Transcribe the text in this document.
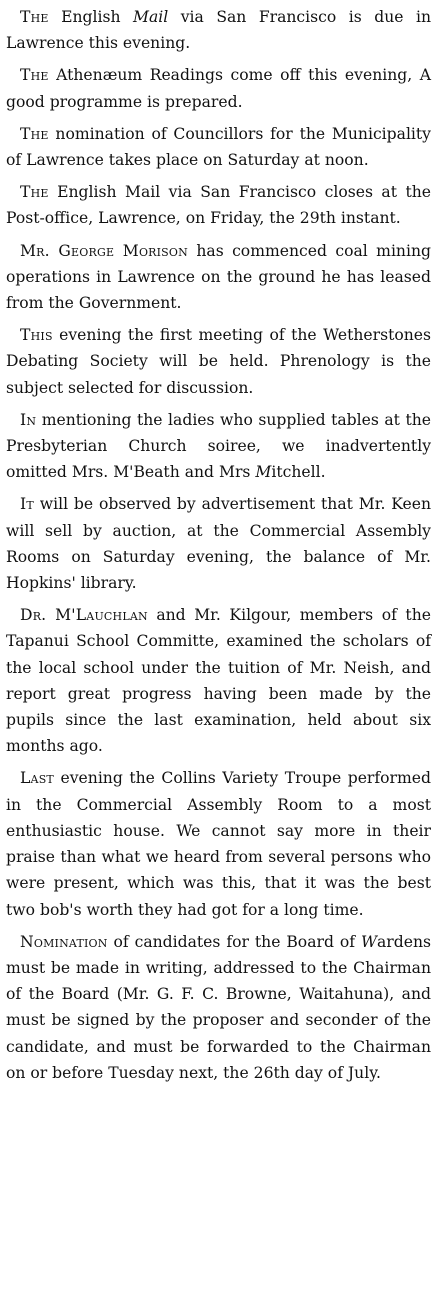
The English Mail via San Francisco is due in Lawrence this evening.

The Athenæum Readings come off this evening, A good programme is prepared.

The nomination of Councillors for the Municipality of Lawrence takes place on Saturday at noon.

The English Mail via San Francisco closes at the Post-office, Lawrence, on Friday, the 29th instant.

Mr. George Morison has commenced coal mining operations in Lawrence on the ground he has leased from the Government.

This evening the first meeting of the Wetherstones Debating Society will be held. Phrenology is the subject selected for discussion.

In mentioning the ladies who supplied tables at the Presbyterian Church soiree, we inadvertently omitted Mrs. M'Beath and Mrs Mitchell.

It will be observed by advertisement that Mr. Keen will sell by auction, at the Commercial Assembly Rooms on Saturday evening, the balance of Mr. Hopkins' library.

Dr. M'Lauchlan and Mr. Kilgour, members of the Tapanui School Committe, examined the scholars of the local school under the tuition of Mr. Neish, and report great progress having been made by the pupils since the last examination, held about six months ago.

Last evening the Collins Variety Troupe performed in the Commercial Assembly Room to a most enthusiastic house. We cannot say more in their praise than what we heard from several persons who were present, which was this, that it was the best two bob's worth they had got for a long time.

Nomination of candidates for the Board of Wardens must be made in writing, addressed to the Chairman of the Board (Mr. G. F. C. Browne, Waitahuna), and must be signed by the proposer and seconder of the candidate, and must be forwarded to the Chairman on or before Tuesday next, the 26th day of July.
